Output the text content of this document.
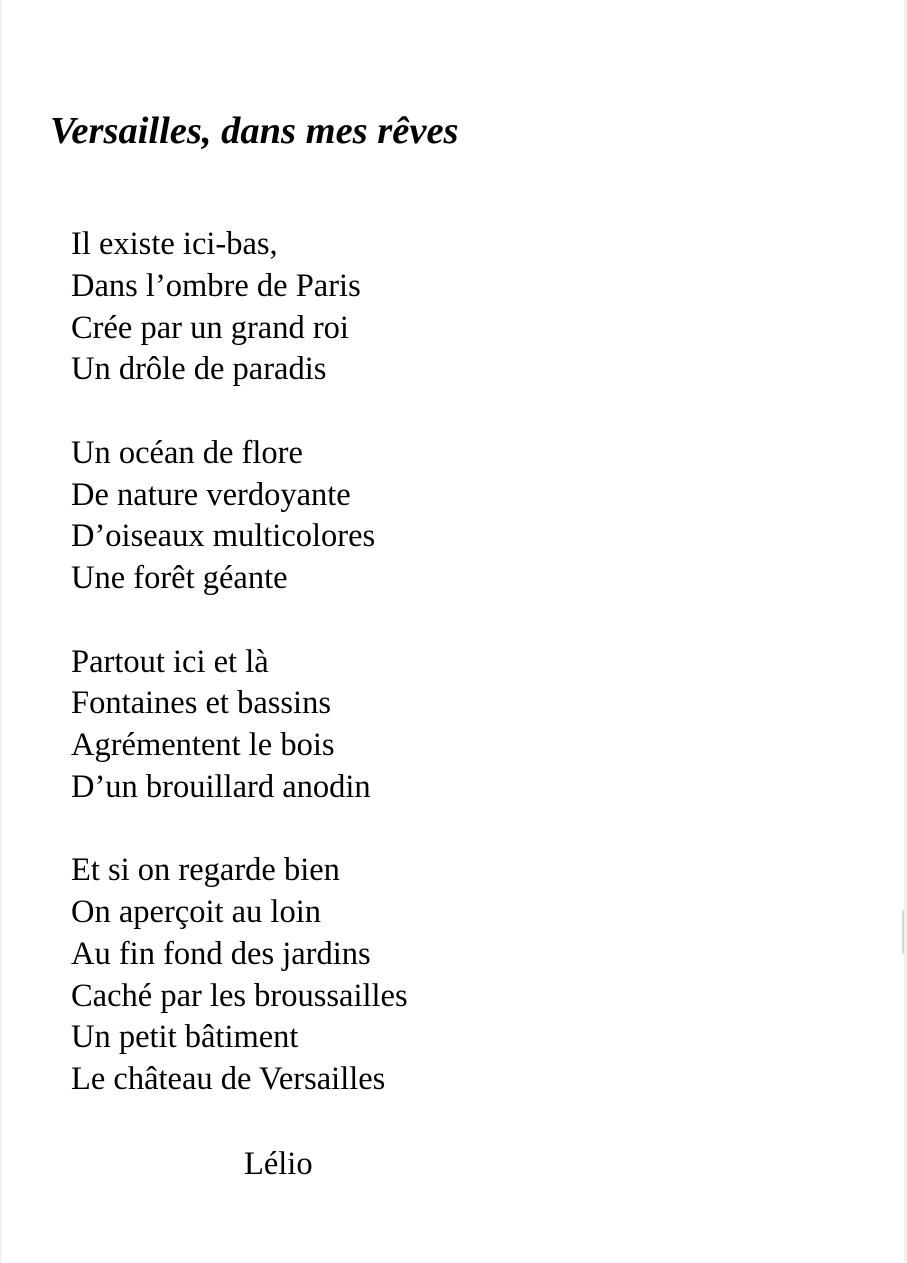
Versailles, dans mes rêves
Il existe ici-bas,
Dans l’ombre de Paris
Crée par un grand roi
Un drôle de paradis
Un océan de flore
De nature verdoyante
D’oiseaux multicolores
Une forêt géante
Partout ici et là
Fontaines et bassins
Agrémentent le bois
D’un brouillard anodin
Et si on regarde bien
On aperçoit au loin
Au fin fond des jardins
Caché par les broussailles
Un petit bâtiment
Le château de Versailles

Lélio
